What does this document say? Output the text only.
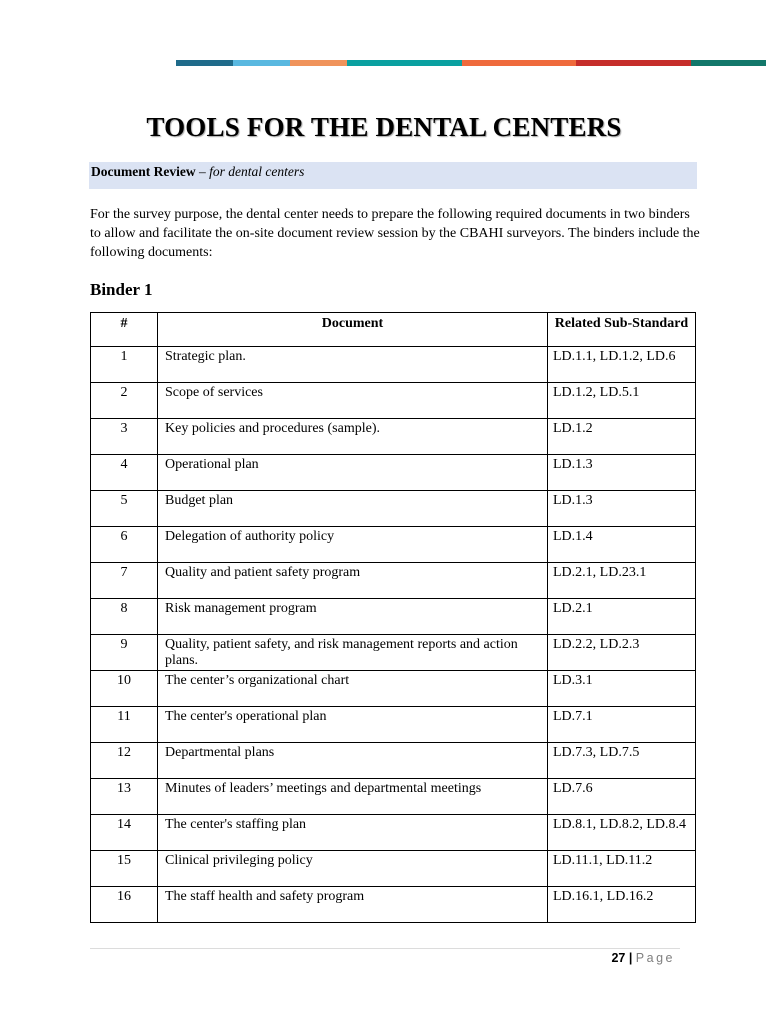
TOOLS FOR THE DENTAL CENTERS
Document Review – for dental centers
For the survey purpose, the dental center needs to prepare the following required documents in two binders to allow and facilitate the on-site document review session by the CBAHI surveyors. The binders include the following documents:
Binder 1
#	Document	Related Sub-Standard
1	Strategic plan.	LD.1.1, LD.1.2, LD.6
2	Scope of services	LD.1.2, LD.5.1
3	Key policies and procedures (sample).	LD.1.2
4	Operational plan	LD.1.3
5	Budget plan	LD.1.3
6	Delegation of authority policy	LD.1.4
7	Quality and patient safety program	LD.2.1, LD.23.1
8	Risk management program	LD.2.1
9	Quality, patient safety, and risk management reports and action plans.	LD.2.2, LD.2.3
10	The center’s organizational chart	LD.3.1
11	The center's operational plan	LD.7.1
12	Departmental plans	LD.7.3, LD.7.5
13	Minutes of leaders’ meetings and departmental meetings	LD.7.6
14	The center's staffing plan	LD.8.1, LD.8.2, LD.8.4
15	Clinical privileging policy	LD.11.1, LD.11.2
16	The staff health and safety program	LD.16.1, LD.16.2
27 | Page
